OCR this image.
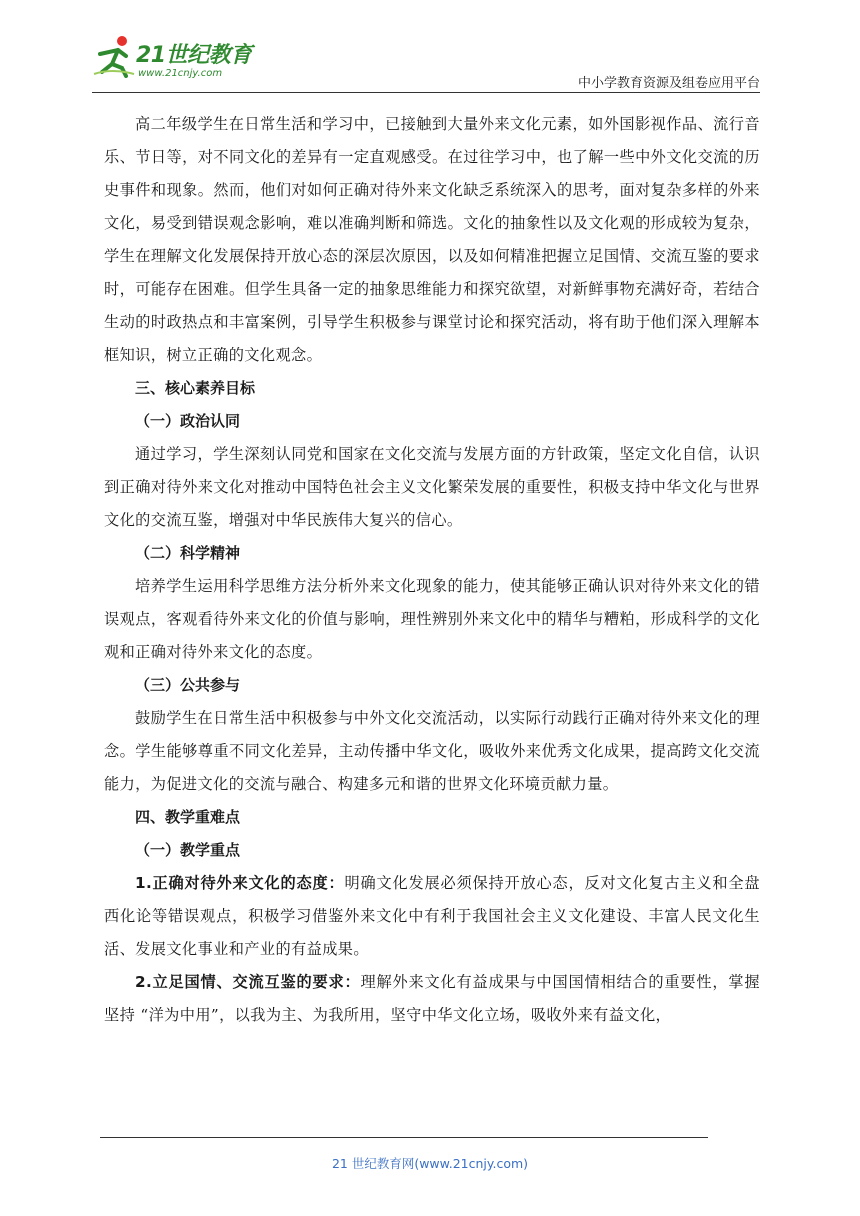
21世纪教育
www.21cnjy.com
中小学教育资源及组卷应用平台

高二年级学生在日常生活和学习中，已接触到大量外来文化元素，如外国影视作品、流行音乐、节日等，对不同文化的差异有一定直观感受。在过往学习中，也了解一些中外文化交流的历史事件和现象。然而，他们对如何正确对待外来文化缺乏系统深入的思考，面对复杂多样的外来文化，易受到错误观念影响，难以准确判断和筛选。文化的抽象性以及文化观的形成较为复杂，学生在理解文化发展保持开放心态的深层次原因，以及如何精准把握立足国情、交流互鉴的要求时，可能存在困难。但学生具备一定的抽象思维能力和探究欲望，对新鲜事物充满好奇，若结合生动的时政热点和丰富案例，引导学生积极参与课堂讨论和探究活动，将有助于他们深入理解本框知识，树立正确的文化观念。

三、核心素养目标

（一）政治认同

通过学习，学生深刻认同党和国家在文化交流与发展方面的方针政策，坚定文化自信，认识到正确对待外来文化对推动中国特色社会主义文化繁荣发展的重要性，积极支持中华文化与世界文化的交流互鉴，增强对中华民族伟大复兴的信心。

（二）科学精神

培养学生运用科学思维方法分析外来文化现象的能力，使其能够正确认识对待外来文化的错误观点，客观看待外来文化的价值与影响，理性辨别外来文化中的精华与糟粕，形成科学的文化观和正确对待外来文化的态度。

（三）公共参与

鼓励学生在日常生活中积极参与中外文化交流活动，以实际行动践行正确对待外来文化的理念。学生能够尊重不同文化差异，主动传播中华文化，吸收外来优秀文化成果，提高跨文化交流能力，为促进文化的交流与融合、构建多元和谐的世界文化环境贡献力量。

四、教学重难点

（一）教学重点

1.正确对待外来文化的态度：明确文化发展必须保持开放心态，反对文化复古主义和全盘西化论等错误观点，积极学习借鉴外来文化中有利于我国社会主义文化建设、丰富人民文化生活、发展文化事业和产业的有益成果。

2.立足国情、交流互鉴的要求：理解外来文化有益成果与中国国情相结合的重要性，掌握坚持 “洋为中用”，以我为主、为我所用，坚守中华文化立场，吸收外来有益文化，

21 世纪教育网(www.21cnjy.com)
